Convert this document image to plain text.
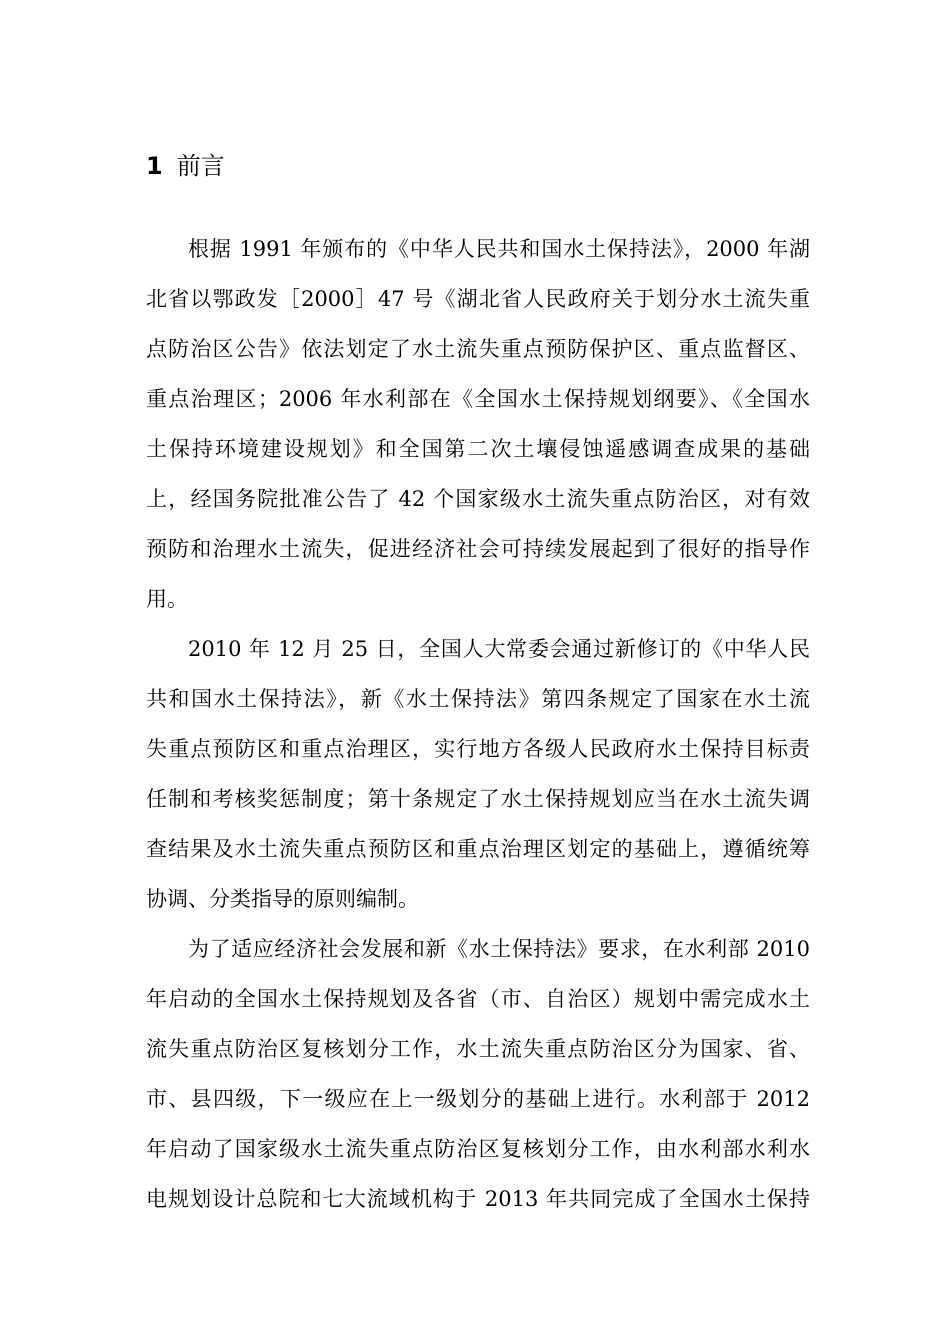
1 前言
根据 1991 年颁布的《中华人民共和国水土保持法》，2000 年湖
北省以鄂政发［2000］47 号《湖北省人民政府关于划分水土流失重
点防治区公告》依法划定了水土流失重点预防保护区、重点监督区、
重点治理区；2006 年水利部在《全国水土保持规划纲要》、《全国水
土保持环境建设规划》和全国第二次土壤侵蚀遥感调查成果的基础
上，经国务院批准公告了 42 个国家级水土流失重点防治区，对有效
预防和治理水土流失，促进经济社会可持续发展起到了很好的指导作
用。
2010 年 12 月 25 日，全国人大常委会通过新修订的《中华人民
共和国水土保持法》，新《水土保持法》第四条规定了国家在水土流
失重点预防区和重点治理区，实行地方各级人民政府水土保持目标责
任制和考核奖惩制度；第十条规定了水土保持规划应当在水土流失调
查结果及水土流失重点预防区和重点治理区划定的基础上，遵循统筹
协调、分类指导的原则编制。
为了适应经济社会发展和新《水土保持法》要求，在水利部 2010
年启动的全国水土保持规划及各省（市、自治区）规划中需完成水土
流失重点防治区复核划分工作，水土流失重点防治区分为国家、省、
市、县四级，下一级应在上一级划分的基础上进行。水利部于 2012
年启动了国家级水土流失重点防治区复核划分工作，由水利部水利水
电规划设计总院和七大流域机构于 2013 年共同完成了全国水土保持
